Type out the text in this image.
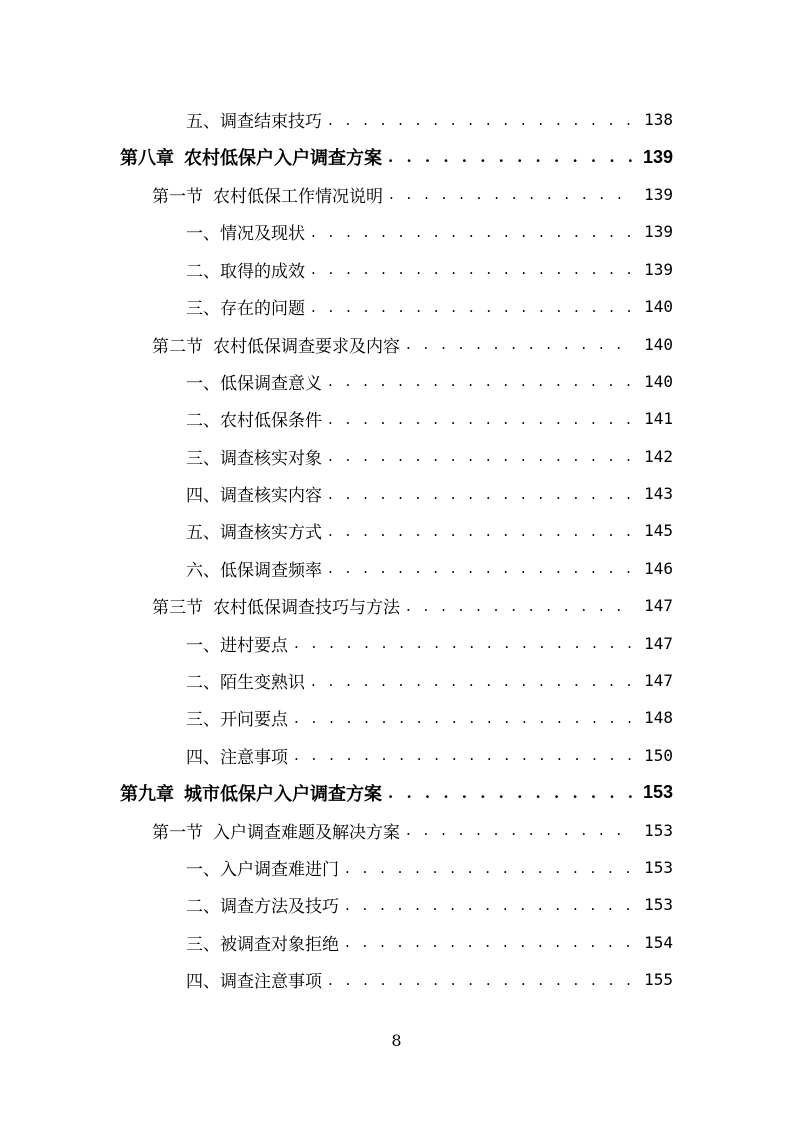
五、调查结束技巧 . . .	138
第八章 农村低保户入户调查方案 . . .	139
第一节 农村低保工作情况说明 . . .	139
一、情况及现状 . . .	139
二、取得的成效 . . .	139
三、存在的问题 . . .	140
第二节 农村低保调查要求及内容 . . .	140
一、低保调查意义 . . .	140
二、农村低保条件 . . .	141
三、调查核实对象 . . .	142
四、调查核实内容 . . .	143
五、调查核实方式 . . .	145
六、低保调查频率 . . .	146
第三节 农村低保调查技巧与方法 . . .	147
一、进村要点 . . .	147
二、陌生变熟识 . . .	147
三、开问要点 . . .	148
四、注意事项 . . .	150
第九章 城市低保户入户调查方案 . . .	153
第一节 入户调查难题及解决方案 . . .	153
一、入户调查难进门 . . .	153
二、调查方法及技巧 . . .	153
三、被调查对象拒绝 . . .	154
四、调查注意事项 . . .	155
8
